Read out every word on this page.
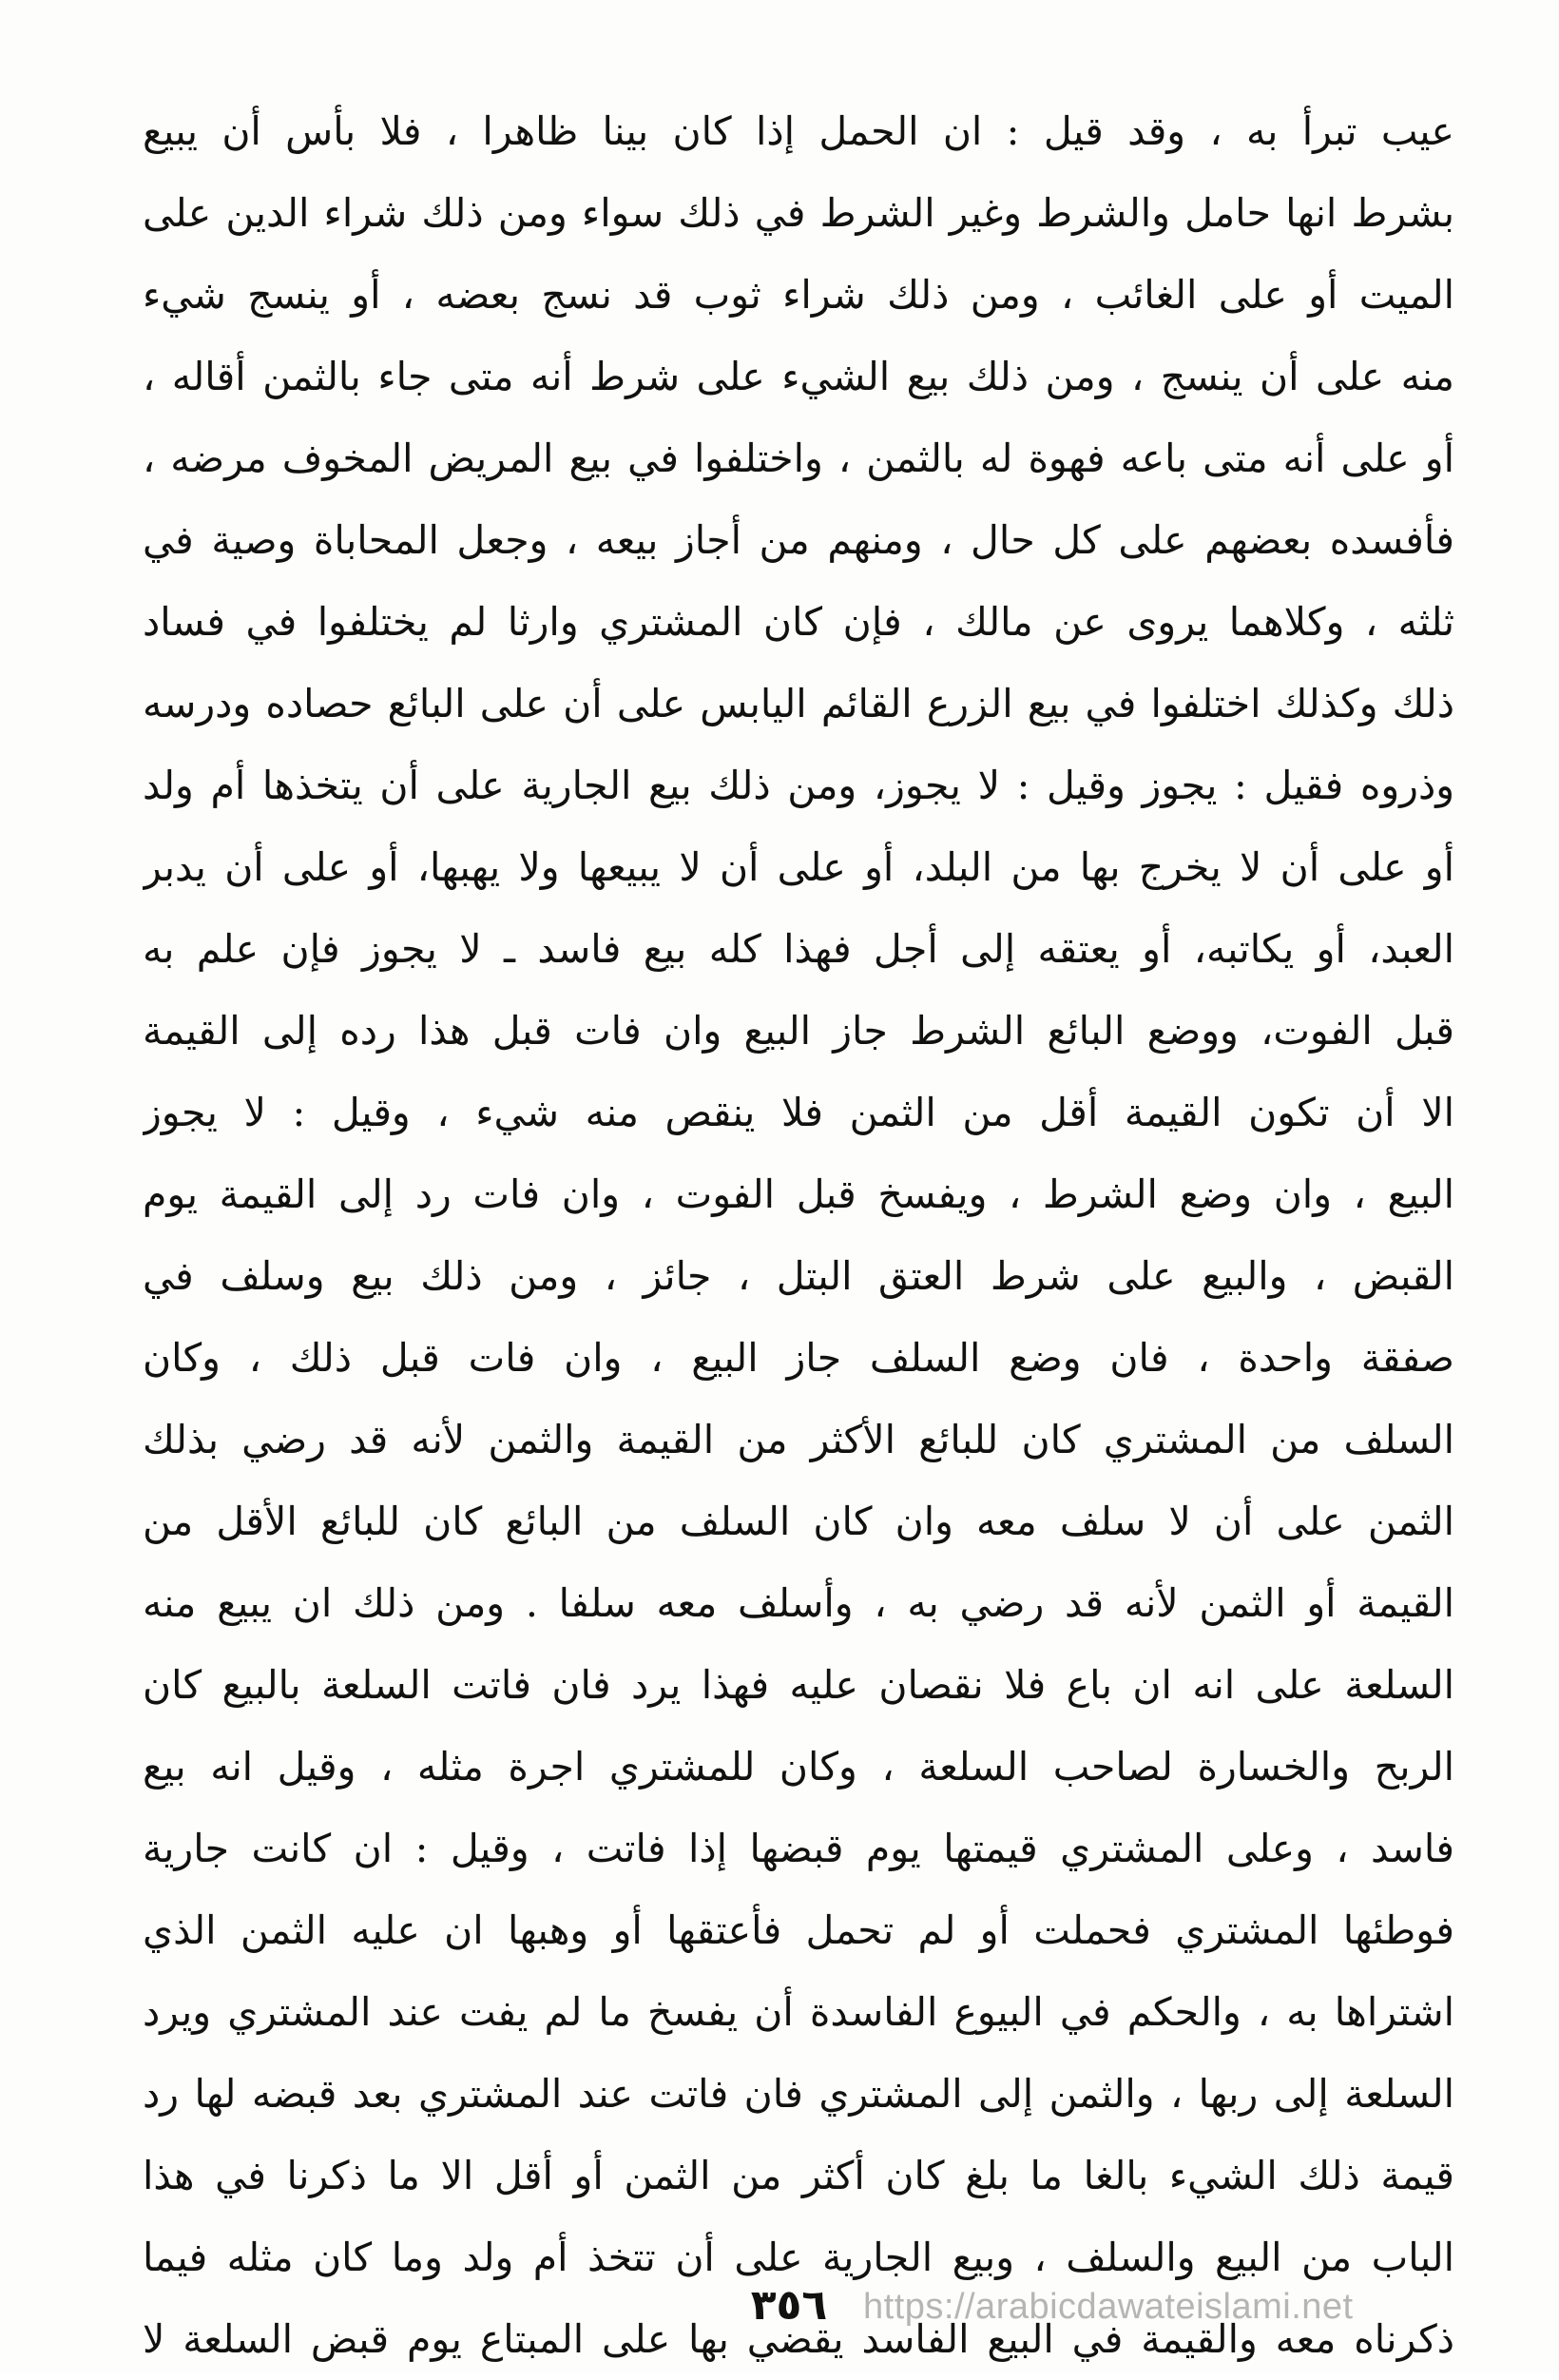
عيب تبرأ به ، وقد قيل : ان الحمل إذا كان بينا ظاهرا ، فلا بأس أن يبيع
بشرط انها حامل والشرط وغير الشرط في ذلك سواء ومن ذلك شراء الدين على
الميت أو على الغائب ، ومن ذلك شراء ثوب قد نسج بعضه ، أو ينسج شيء
منه على أن ينسج ، ومن ذلك بيع الشيء على شرط أنه متى جاء بالثمن أقاله ،
أو على أنه متى باعه فهوة له بالثمن ، واختلفوا في بيع المريض المخوف مرضه ،
فأفسده بعضهم على كل حال ، ومنهم من أجاز بيعه ، وجعل المحاباة وصية في
ثلثه ، وكلاهما يروى عن مالك ، فإن كان المشتري وارثا لم يختلفوا في فساد
ذلك وكذلك اختلفوا في بيع الزرع القائم اليابس على أن على البائع حصاده ودرسه
وذروه فقيل : يجوز وقيل : لا يجوز، ومن ذلك بيع الجارية على أن يتخذها أم ولد
أو على أن لا يخرج بها من البلد، أو على أن لا يبيعها ولا يهبها، أو على أن يدبر
العبد، أو يكاتبه، أو يعتقه إلى أجل فهذا كله بيع فاسد ـ لا يجوز فإن علم به
قبل الفوت، ووضع البائع الشرط جاز البيع وان فات قبل هذا رده إلى القيمة
الا أن تكون القيمة أقل من الثمن فلا ينقص منه شيء ، وقيل : لا يجوز
البيع ، وان وضع الشرط ، ويفسخ قبل الفوت ، وان فات رد إلى القيمة يوم
القبض ، والبيع على شرط العتق البتل ، جائز ، ومن ذلك بيع وسلف في
صفقة واحدة ، فان وضع السلف جاز البيع ، وان فات قبل ذلك ، وكان
السلف من المشتري كان للبائع الأكثر من القيمة والثمن لأنه قد رضي بذلك
الثمن على أن لا سلف معه وان كان السلف من البائع كان للبائع الأقل من
القيمة أو الثمن لأنه قد رضي به ، وأسلف معه سلفا . ومن ذلك ان يبيع منه
السلعة على انه ان باع فلا نقصان عليه فهذا يرد فان فاتت السلعة بالبيع كان
الربح والخسارة لصاحب السلعة ، وكان للمشتري اجرة مثله ، وقيل انه بيع
فاسد ، وعلى المشتري قيمتها يوم قبضها إذا فاتت ، وقيل : ان كانت جارية
فوطئها المشتري فحملت أو لم تحمل فأعتقها أو وهبها ان عليه الثمن الذي
اشتراها به ، والحكم في البيوع الفاسدة أن يفسخ ما لم يفت عند المشتري ويرد
السلعة إلى ربها ، والثمن إلى المشتري فان فاتت عند المشتري بعد قبضه لها رد
قيمة ذلك الشيء بالغا ما بلغ كان أكثر من الثمن أو أقل الا ما ذكرنا في هذا
الباب من البيع والسلف ، وبيع الجارية على أن تتخذ أم ولد وما كان مثله فيما
ذكرناه معه والقيمة في البيع الفاسد يقضي بها على المبتاع يوم قبض السلعة لا
٣٥٦ https://arabicdawateislami.net
